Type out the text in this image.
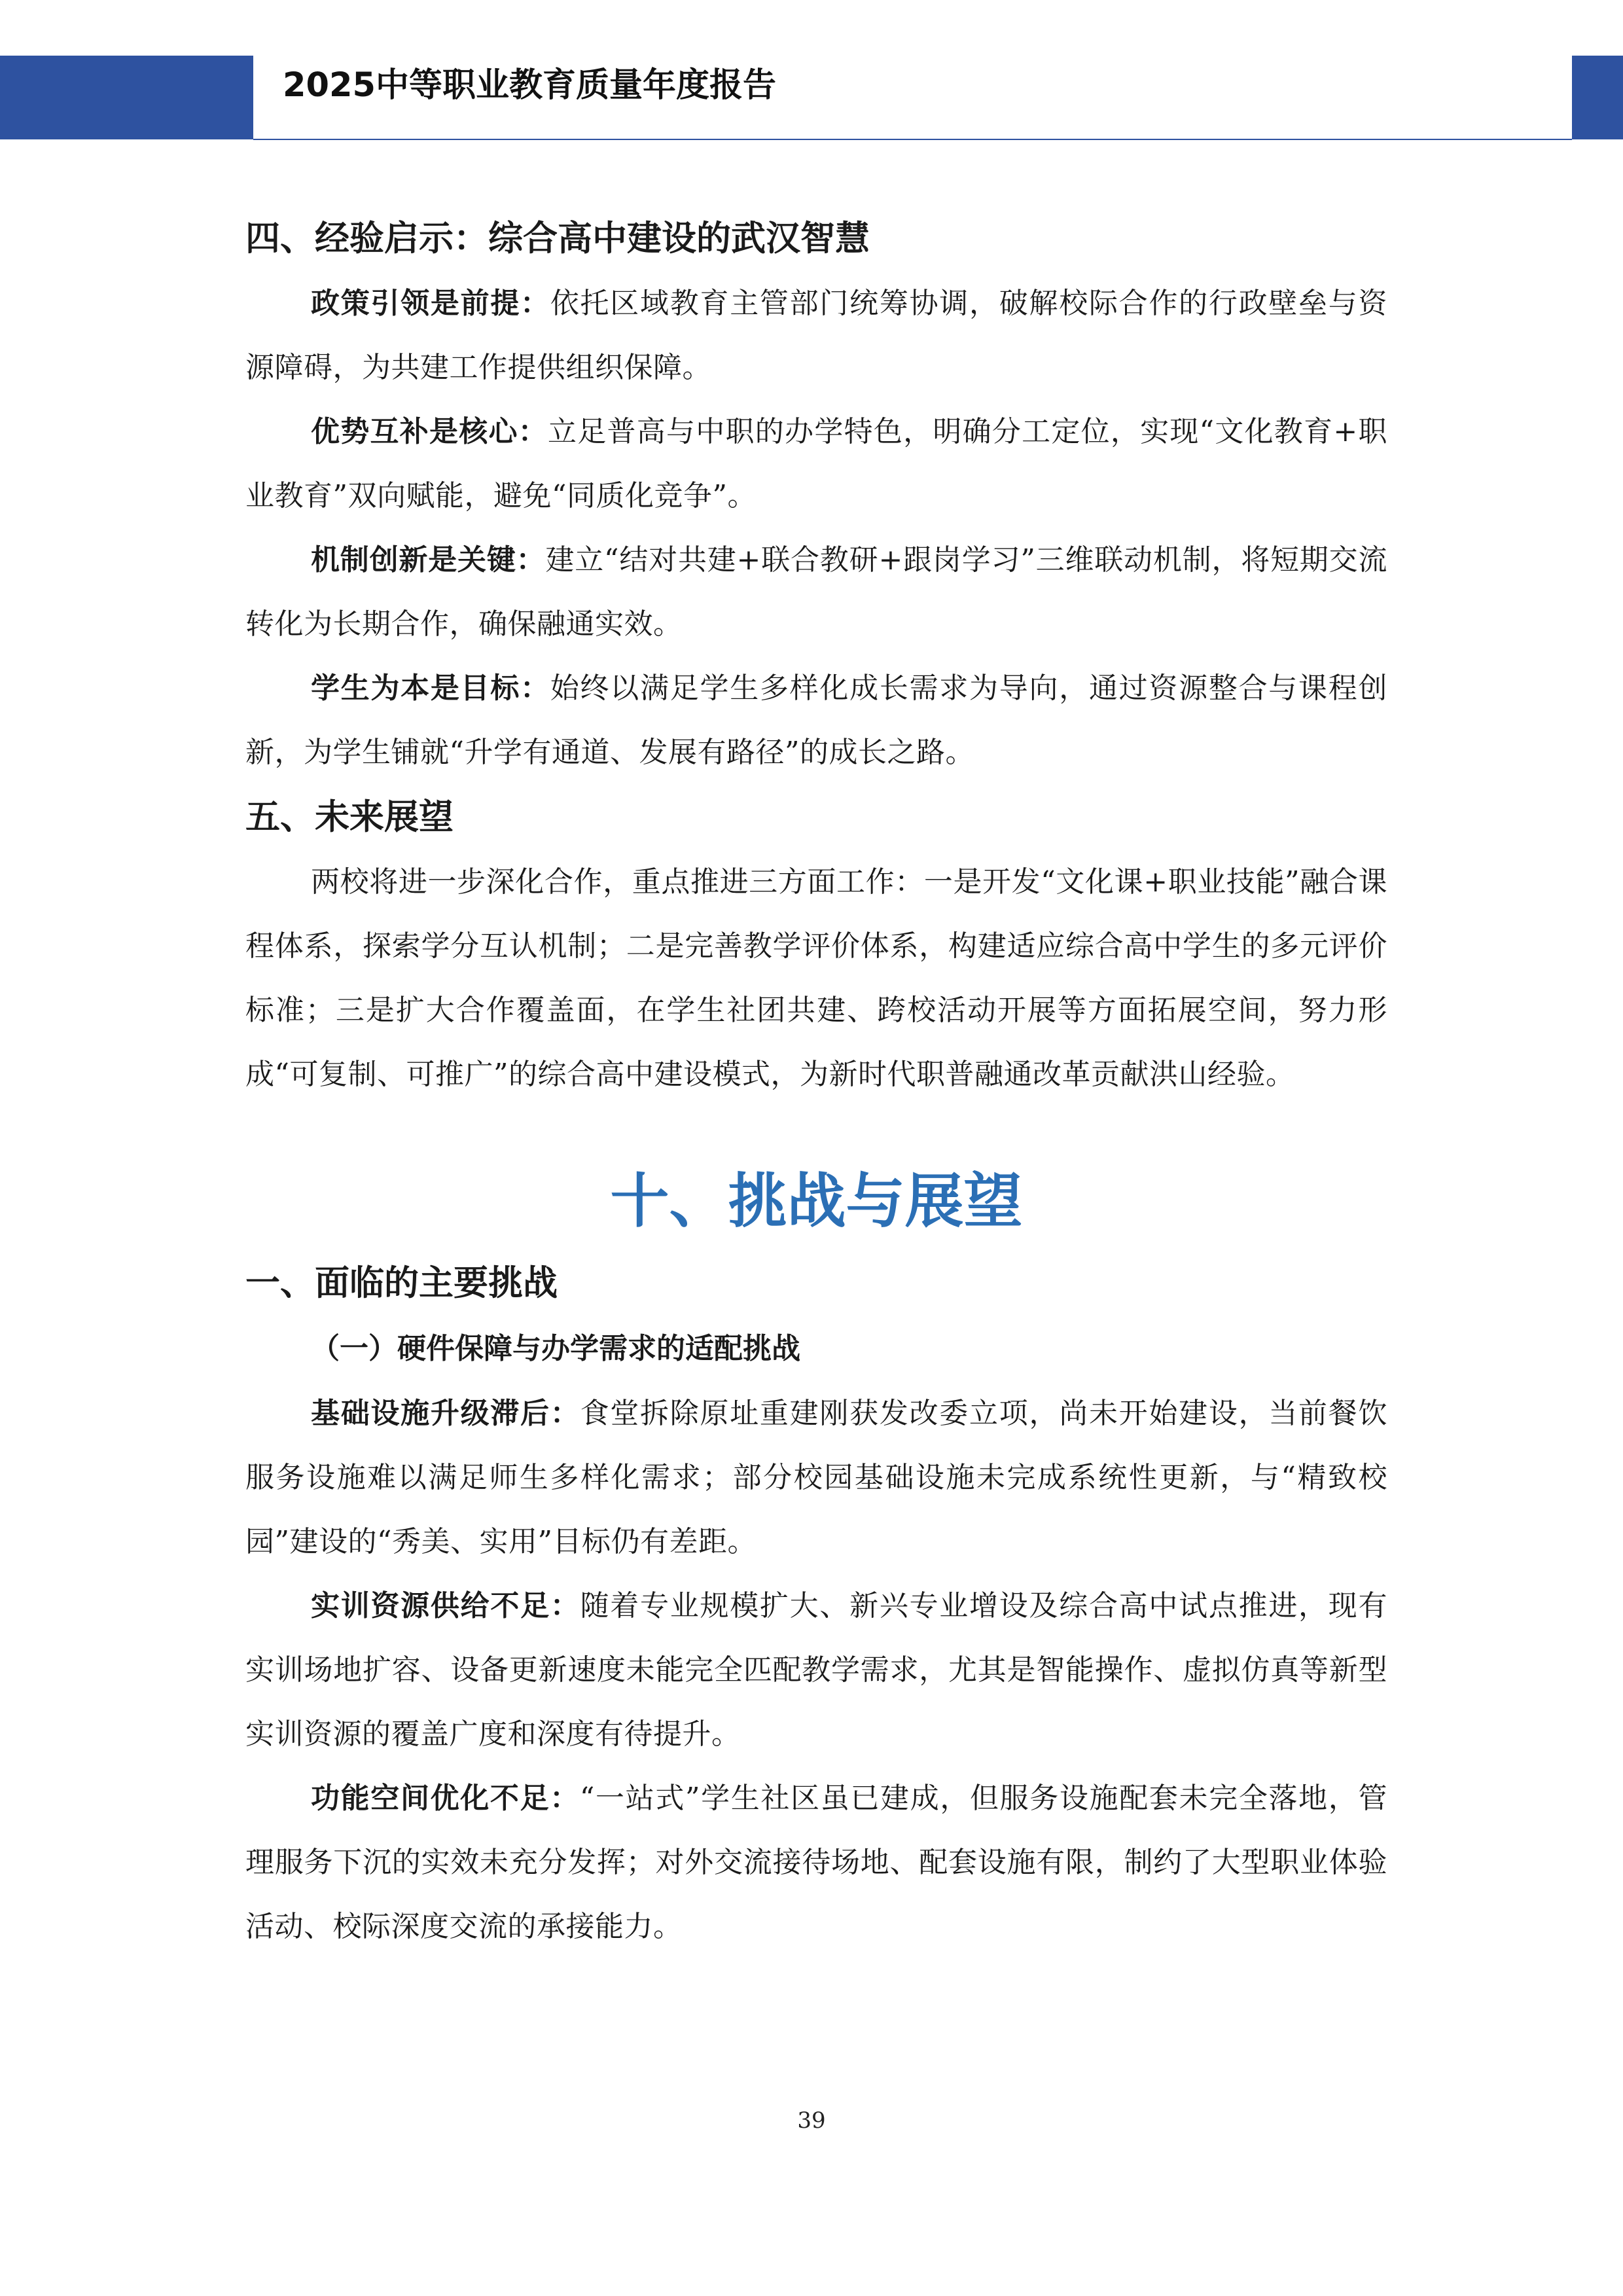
2025中等职业教育质量年度报告
四、经验启示：综合高中建设的武汉智慧

政策引领是前提：依托区域教育主管部门统筹协调，破解校际合作的行政壁垒与资源障碍，为共建工作提供组织保障。

优势互补是核心：立足普高与中职的办学特色，明确分工定位，实现“文化教育+职业教育”双向赋能，避免“同质化竞争”。

机制创新是关键：建立“结对共建+联合教研+跟岗学习”三维联动机制，将短期交流转化为长期合作，确保融通实效。

学生为本是目标：始终以满足学生多样化成长需求为导向，通过资源整合与课程创新，为学生铺就“升学有通道、发展有路径”的成长之路。

五、未来展望

两校将进一步深化合作，重点推进三方面工作：一是开发“文化课+职业技能”融合课程体系，探索学分互认机制；二是完善教学评价体系，构建适应综合高中学生的多元评价标准；三是扩大合作覆盖面，在学生社团共建、跨校活动开展等方面拓展空间，努力形成“可复制、可推广”的综合高中建设模式，为新时代职普融通改革贡献洪山经验。

十、挑战与展望
一、面临的主要挑战
（一）硬件保障与办学需求的适配挑战

基础设施升级滞后：食堂拆除原址重建刚获发改委立项，尚未开始建设，当前餐饮服务设施难以满足师生多样化需求；部分校园基础设施未完成系统性更新，与“精致校园”建设的“秀美、实用”目标仍有差距。

实训资源供给不足：随着专业规模扩大、新兴专业增设及综合高中试点推进，现有实训场地扩容、设备更新速度未能完全匹配教学需求，尤其是智能操作、虚拟仿真等新型实训资源的覆盖广度和深度有待提升。

功能空间优化不足：“一站式”学生社区虽已建成，但服务设施配套未完全落地，管理服务下沉的实效未充分发挥；对外交流接待场地、配套设施有限，制约了大型职业体验活动、校际深度交流的承接能力。

39
